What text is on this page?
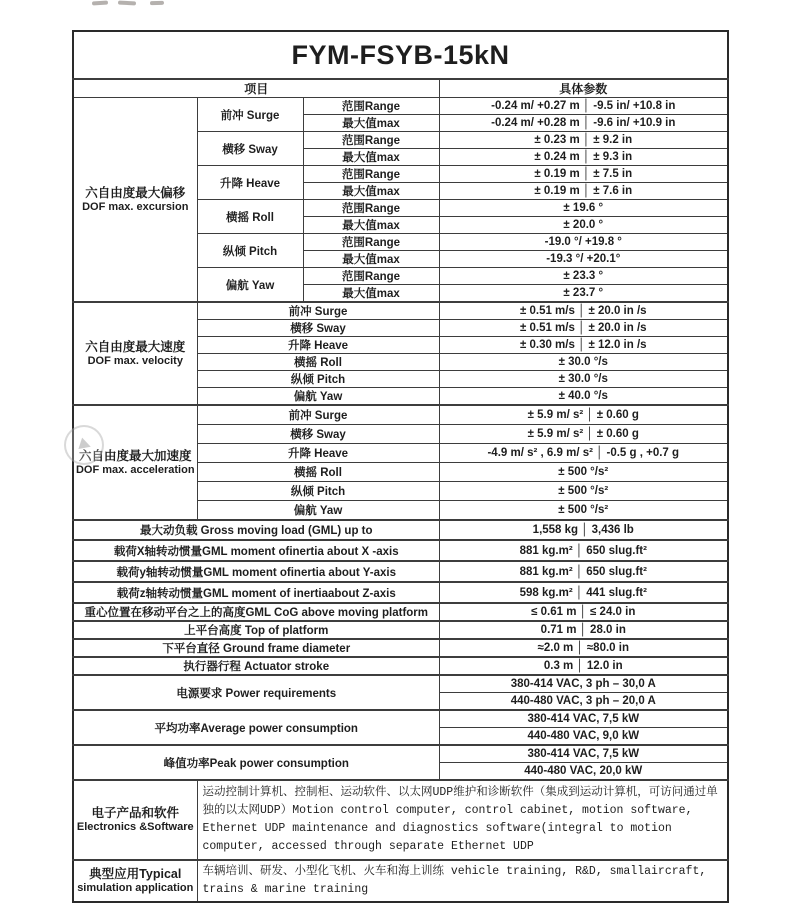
FYM-FSYB-15kN			
项目			具体参数

六自由度最大偏移
DOF max. excursion	前冲 Surge	范围Range	-0.24 m/ +0.27 m │ -9.5 in/ +10.8 in
		最大值max	-0.24 m/ +0.28 m │ -9.6 in/ +10.9 in
	横移 Sway	范围Range	± 0.23 m │ ± 9.2 in
		最大值max	± 0.24 m │ ± 9.3 in
	升降 Heave	范围Range	± 0.19 m │ ± 7.5 in
		最大值max	± 0.19 m │ ± 7.6 in
	横摇 Roll	范围Range	± 19.6 °
		最大值max	± 20.0 °
	纵倾 Pitch	范围Range	-19.0 °/ +19.8 °
		最大值max	-19.3 °/ +20.1°
	偏航 Yaw	范围Range	± 23.3 °
		最大值max	± 23.7 °

六自由度最大速度
DOF max. velocity	前冲 Surge		± 0.51 m/s │ ± 20.0 in /s
	横移 Sway		± 0.51 m/s │ ± 20.0 in /s
	升降 Heave		± 0.30 m/s │ ± 12.0 in /s
	横摇 Roll		± 30.0 °/s
	纵倾 Pitch		± 30.0 °/s
	偏航 Yaw		± 40.0 °/s

六自由度最大加速度
DOF max. acceleration	前冲 Surge		± 5.9 m/ s² │ ± 0.60 g
	横移 Sway		± 5.9 m/ s² │ ± 0.60 g
	升降 Heave		-4.9 m/ s² , 6.9 m/ s² │ -0.5 g , +0.7 g
	横摇 Roll		± 500 °/s²
	纵倾 Pitch		± 500 °/s²
	偏航 Yaw		± 500 °/s²
最大动负载 Gross moving load (GML) up to			1,558 kg │ 3,436 lb
载荷X轴转动惯量GML moment ofinertia about X -axis			881 kg.m² │ 650 slug.ft²
载荷y轴转动惯量GML moment ofinertia about Y-axis			881 kg.m² │ 650 slug.ft²
载荷z轴转动惯量GML moment of inertiaabout Z-axis			598 kg.m² │ 441 slug.ft²
重心位置在移动平台之上的高度GML CoG above moving platform			≤ 0.61 m │ ≤ 24.0 in
上平台高度 Top of platform			0.71 m │ 28.0 in
下平台直径 Ground frame diameter			≈2.0 m │ ≈80.0 in
执行器行程 Actuator stroke			0.3 m │ 12.0 in
电源要求 Power requirements			380-414 VAC, 3 ph – 30,0 A
			440-480 VAC, 3 ph – 20,0 A
平均功率Average power consumption			380-414 VAC, 7,5 kW
			440-480 VAC, 9,0 kW
峰值功率Peak power consumption			380-414 VAC, 7,5 kW
			440-480 VAC, 20,0 kW

电子产品和软件
Electronics &Software	运动控制计算机、控制柜、运动软件、以太网UDP维护和诊断软件（集成到运动计算机，可访问通过单独的以太网UDP）Motion control computer, control cabinet, motion software, Ethernet UDP maintenance and diagnostics software(integral to motion computer, accessed through separate Ethernet UDP		

典型应用Typical
simulation application	车辆培训、研发、小型化飞机、火车和海上训练 vehicle training, R&D, smallaircraft, trains & marine training		
